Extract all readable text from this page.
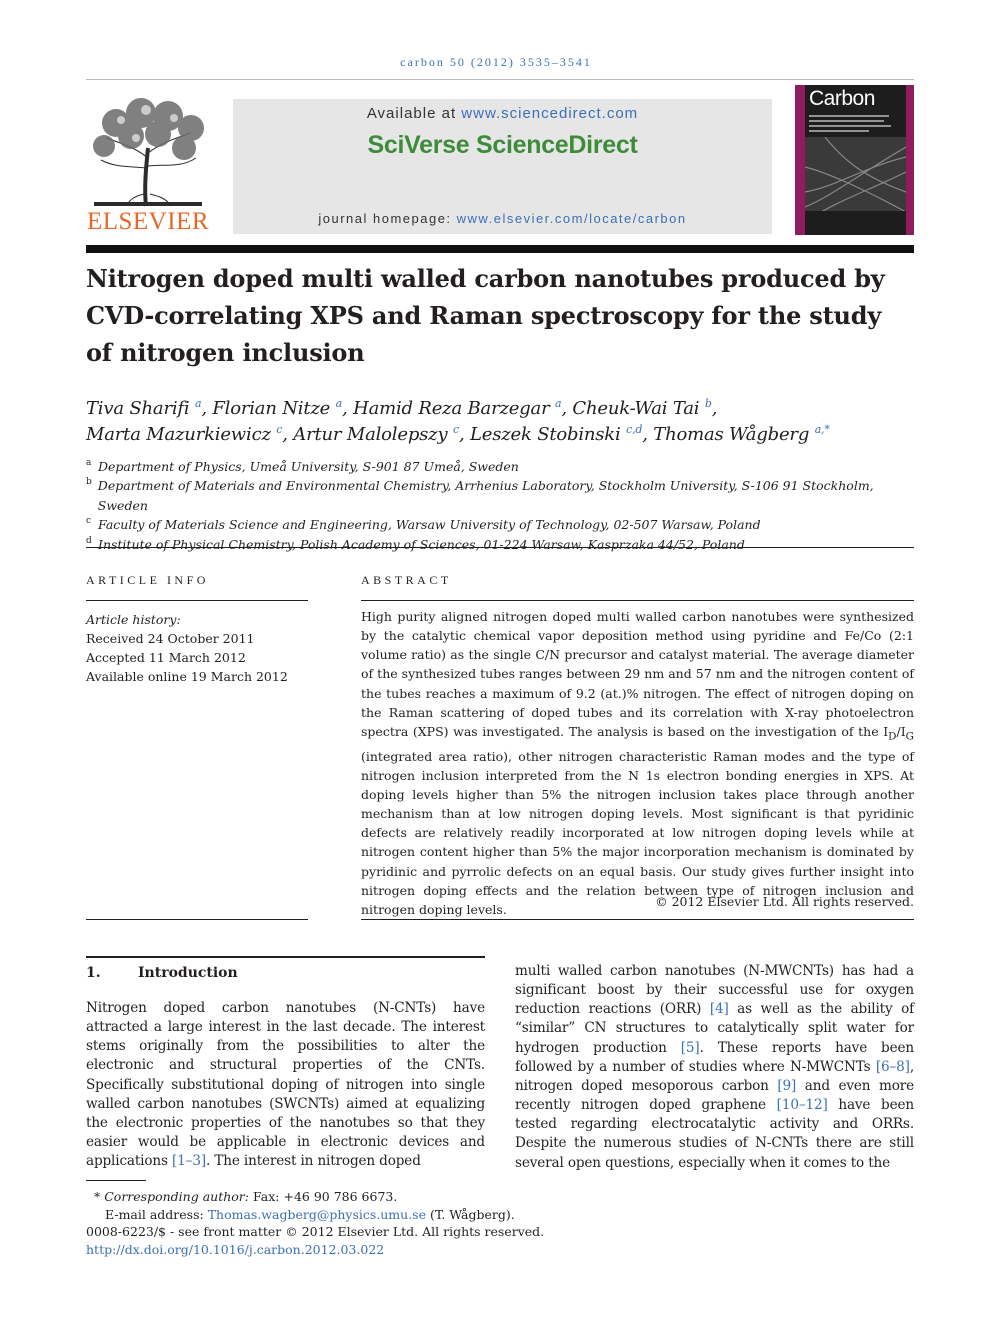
carbon 50 (2012) 3535–3541
ELSEVIER
Available at www.sciencedirect.com
SciVerse ScienceDirect
journal homepage: www.elsevier.com/locate/carbon
Carbon
Nitrogen doped multi walled carbon nanotubes produced by CVD-correlating XPS and Raman spectroscopy for the study of nitrogen inclusion
Tiva Sharifi $^a$, Florian Nitze $^a$, Hamid Reza Barzegar $^a$, Cheuk-Wai Tai $^b$,
Marta Mazurkiewicz $^c$, Artur Malolepszy $^c$, Leszek Stobinski $^{c,d}$, Thomas Wågberg $^{a,*}$
a Department of Physics, Umeå University, S-901 87 Umeå, Sweden
b Department of Materials and Environmental Chemistry, Arrhenius Laboratory, Stockholm University, S-106 91 Stockholm, Sweden
c Faculty of Materials Science and Engineering, Warsaw University of Technology, 02-507 Warsaw, Poland
d Institute of Physical Chemistry, Polish Academy of Sciences, 01-224 Warsaw, Kasprzaka 44/52, Poland
ARTICLE INFO
Article history:
Received 24 October 2011
Accepted 11 March 2012
Available online 19 March 2012
ABSTRACT

High purity aligned nitrogen doped multi walled carbon nanotubes were synthesized by the catalytic chemical vapor deposition method using pyridine and Fe/Co (2:1 volume ratio) as the single C/N precursor and catalyst material. The average diameter of the synthesized tubes ranges between 29 nm and 57 nm and the nitrogen content of the tubes reaches a maximum of 9.2 (at.)% nitrogen. The effect of nitrogen doping on the Raman scattering of doped tubes and its correlation with X-ray photoelectron spectra (XPS) was investigated. The analysis is based on the investigation of the $I_D/I_G$ (integrated area ratio), other nitrogen characteristic Raman modes and the type of nitrogen inclusion interpreted from the N 1s electron bonding energies in XPS. At doping levels higher than 5% the nitrogen inclusion takes place through another mechanism than at low nitrogen doping levels. Most significant is that pyridinic defects are relatively readily incorporated at low nitrogen doping levels while at nitrogen content higher than 5% the major incorporation mechanism is dominated by pyridinic and pyrrolic defects on an equal basis. Our study gives further insight into nitrogen doping effects and the relation between type of nitrogen inclusion and nitrogen doping levels.

© 2012 Elsevier Ltd. All rights reserved.
1.	Introduction

Nitrogen doped carbon nanotubes (N-CNTs) have attracted a large interest in the last decade. The interest stems originally from the possibilities to alter the electronic and structural properties of the CNTs. Specifically substitutional doping of nitrogen into single walled carbon nanotubes (SWCNTs) aimed at equalizing the electronic properties of the nanotubes so that they easier would be applicable in electronic devices and applications [1–3]. The interest in nitrogen doped

multi walled carbon nanotubes (N-MWCNTs) has had a significant boost by their successful use for oxygen reduction reactions (ORR) [4] as well as the ability of “similar” CN structures to catalytically split water for hydrogen production [5]. These reports have been followed by a number of studies where N-MWCNTs [6–8], nitrogen doped mesoporous carbon [9] and even more recently nitrogen doped graphene [10–12] have been tested regarding electrocatalytic activity and ORRs. Despite the numerous studies of N-CNTs there are still several open questions, especially when it comes to the

* Corresponding author: Fax: +46 90 786 6673.
E-mail address: Thomas.wagberg@physics.umu.se (T. Wågberg).
0008-6223/$ - see front matter © 2012 Elsevier Ltd. All rights reserved.
http://dx.doi.org/10.1016/j.carbon.2012.03.022
